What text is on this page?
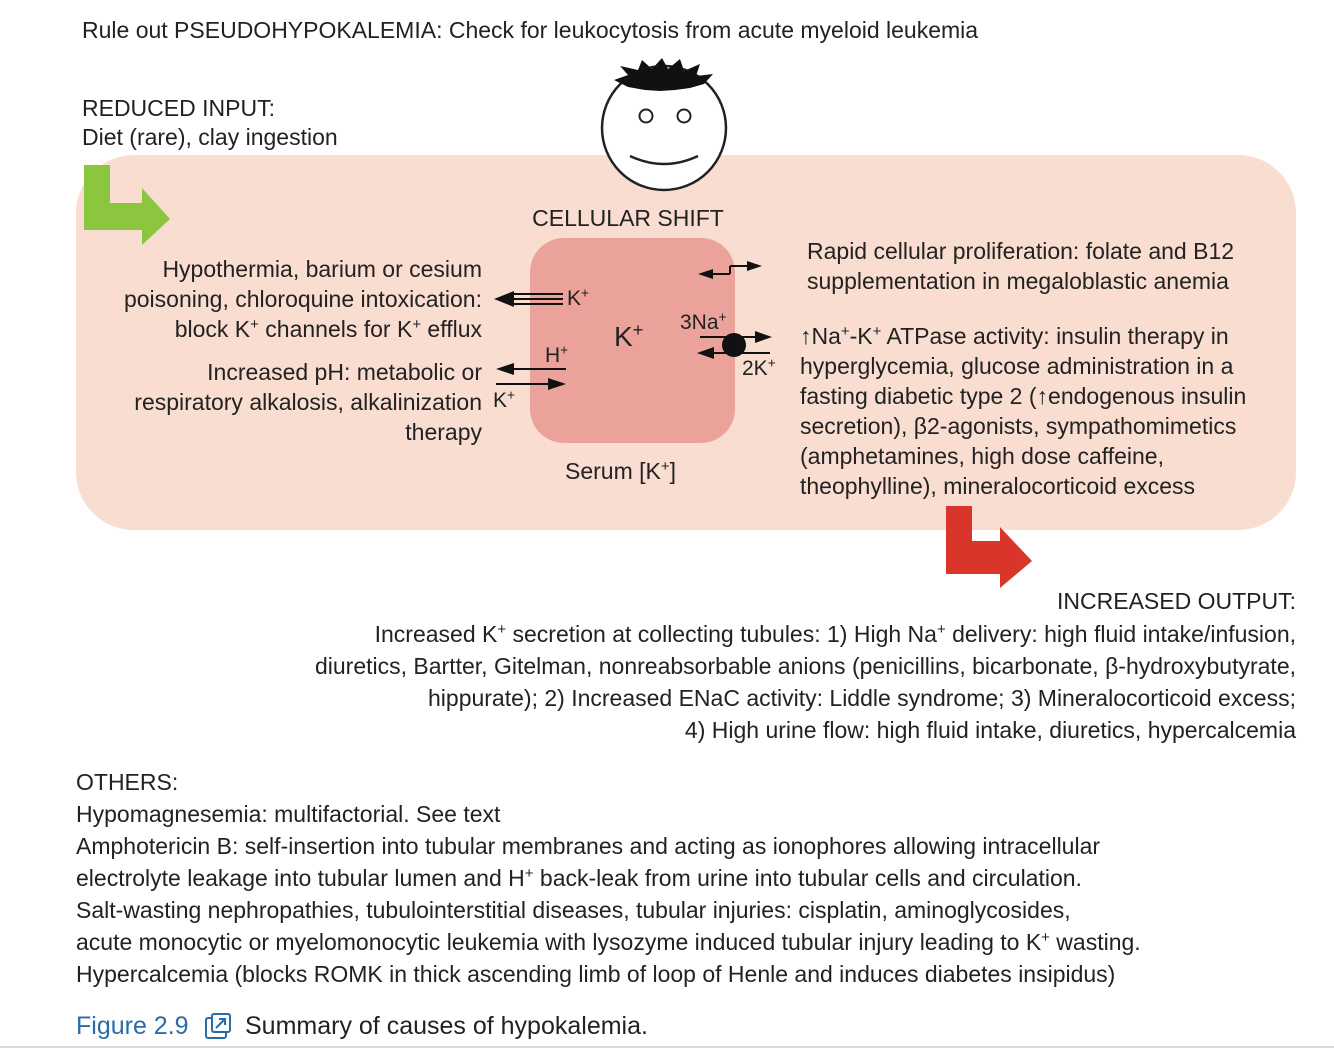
Rule out PSEUDOHYPOKALEMIA: Check for leukocytosis from acute myeloid leukemia
REDUCED INPUT:
Diet (rare), clay ingestion
CELLULAR SHIFT
K+
Serum [K+]
K+
H+
K+
3Na+
2K+
Hypothermia, barium or cesium
poisoning, chloroquine intoxication:
block K+ channels for K+ efflux
Increased pH: metabolic or
respiratory alkalosis, alkalinization
therapy
Rapid cellular proliferation: folate and B12
supplementation in megaloblastic anemia
↑Na+-K+ ATPase activity: insulin therapy in
hyperglycemia, glucose administration in a
fasting diabetic type 2 (↑endogenous insulin
secretion), β2-agonists, sympathomimetics
(amphetamines, high dose caffeine,
theophylline), mineralocorticoid excess
INCREASED OUTPUT:
Increased K+ secretion at collecting tubules: 1) High Na+ delivery: high fluid intake/infusion,
diuretics, Bartter, Gitelman, nonreabsorbable anions (penicillins, bicarbonate, β-hydroxybutyrate,
hippurate); 2) Increased ENaC activity: Liddle syndrome; 3) Mineralocorticoid excess;
4) High urine flow: high fluid intake, diuretics, hypercalcemia
OTHERS:
Hypomagnesemia: multifactorial. See text
Amphotericin B: self-insertion into tubular membranes and acting as ionophores allowing intracellular
electrolyte leakage into tubular lumen and H+ back-leak from urine into tubular cells and circulation.
Salt-wasting nephropathies, tubulointerstitial diseases, tubular injuries: cisplatin, aminoglycosides,
acute monocytic or myelomonocytic leukemia with lysozyme induced tubular injury leading to K+ wasting.
Hypercalcemia (blocks ROMK in thick ascending limb of loop of Henle and induces diabetes insipidus)
Figure 2.9 Summary of causes of hypokalemia.
